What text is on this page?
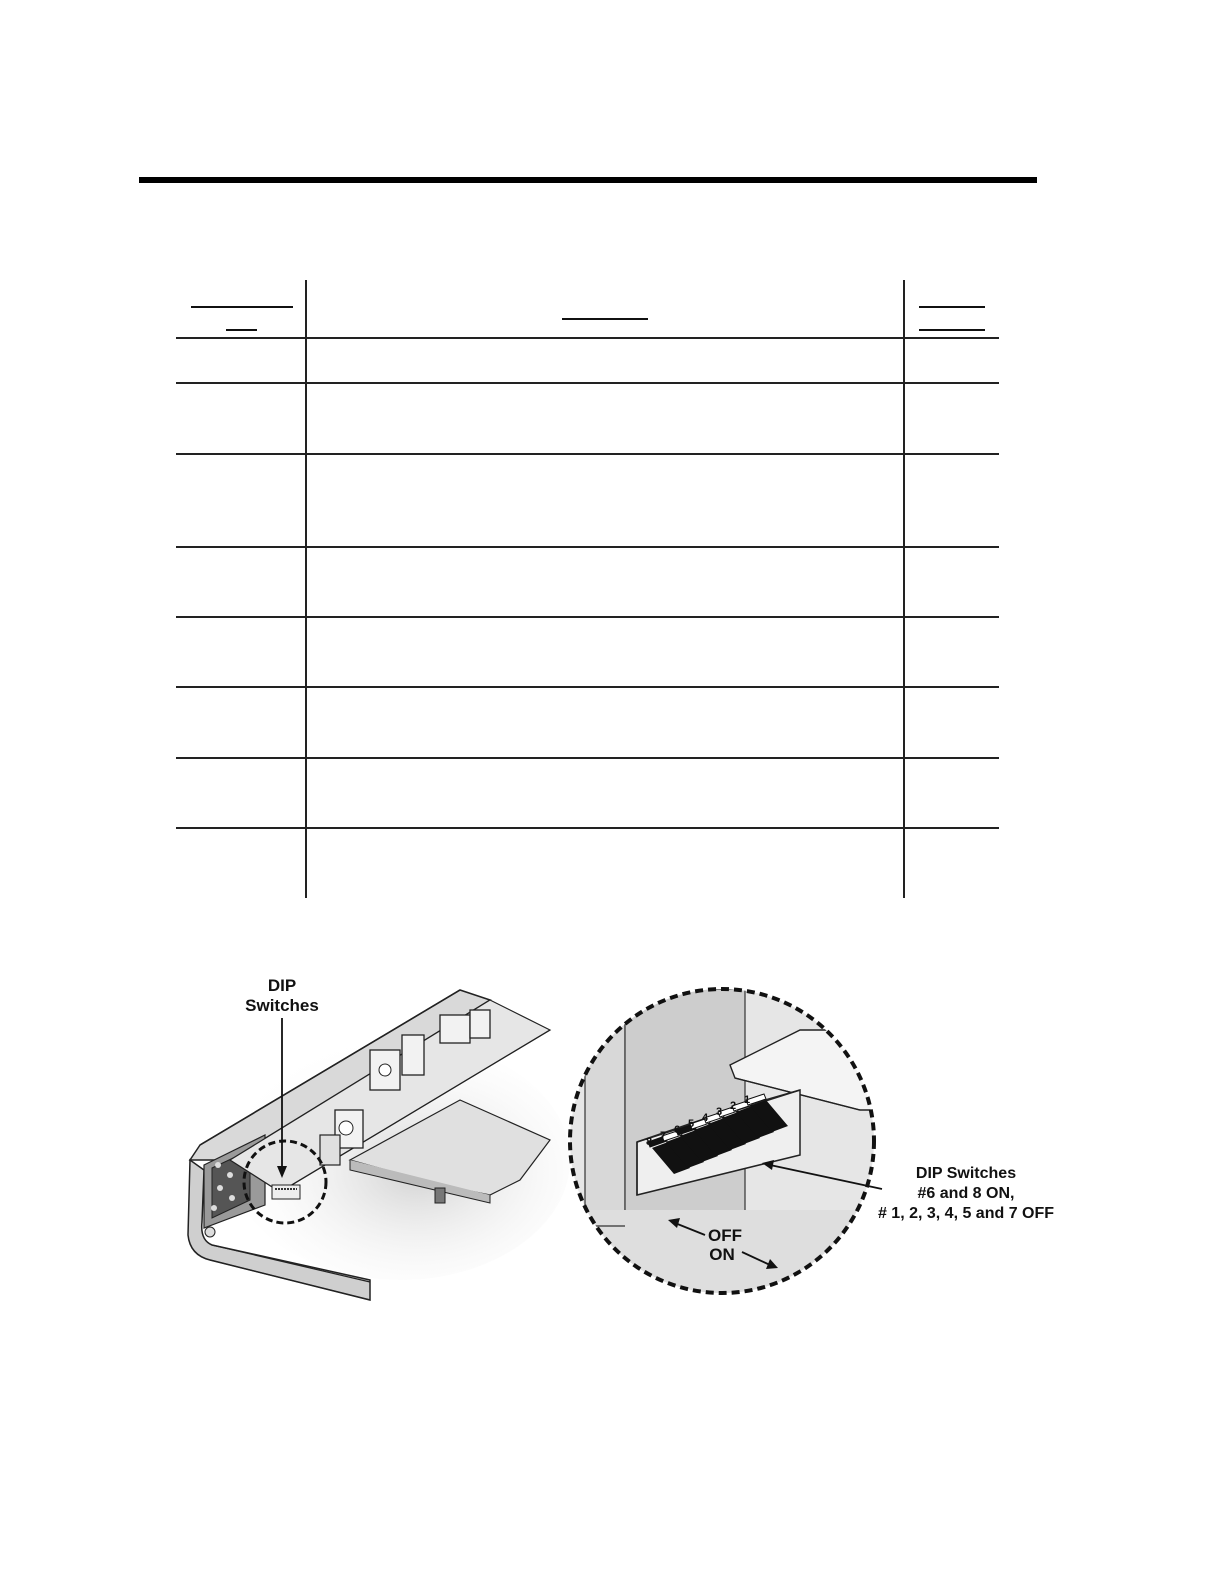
8 7 6 5 4 3 2 1
DIP
Switches
DIP Switches
#6 and 8 ON,
# 1, 2, 3, 4, 5 and 7 OFF
OFF
ON
